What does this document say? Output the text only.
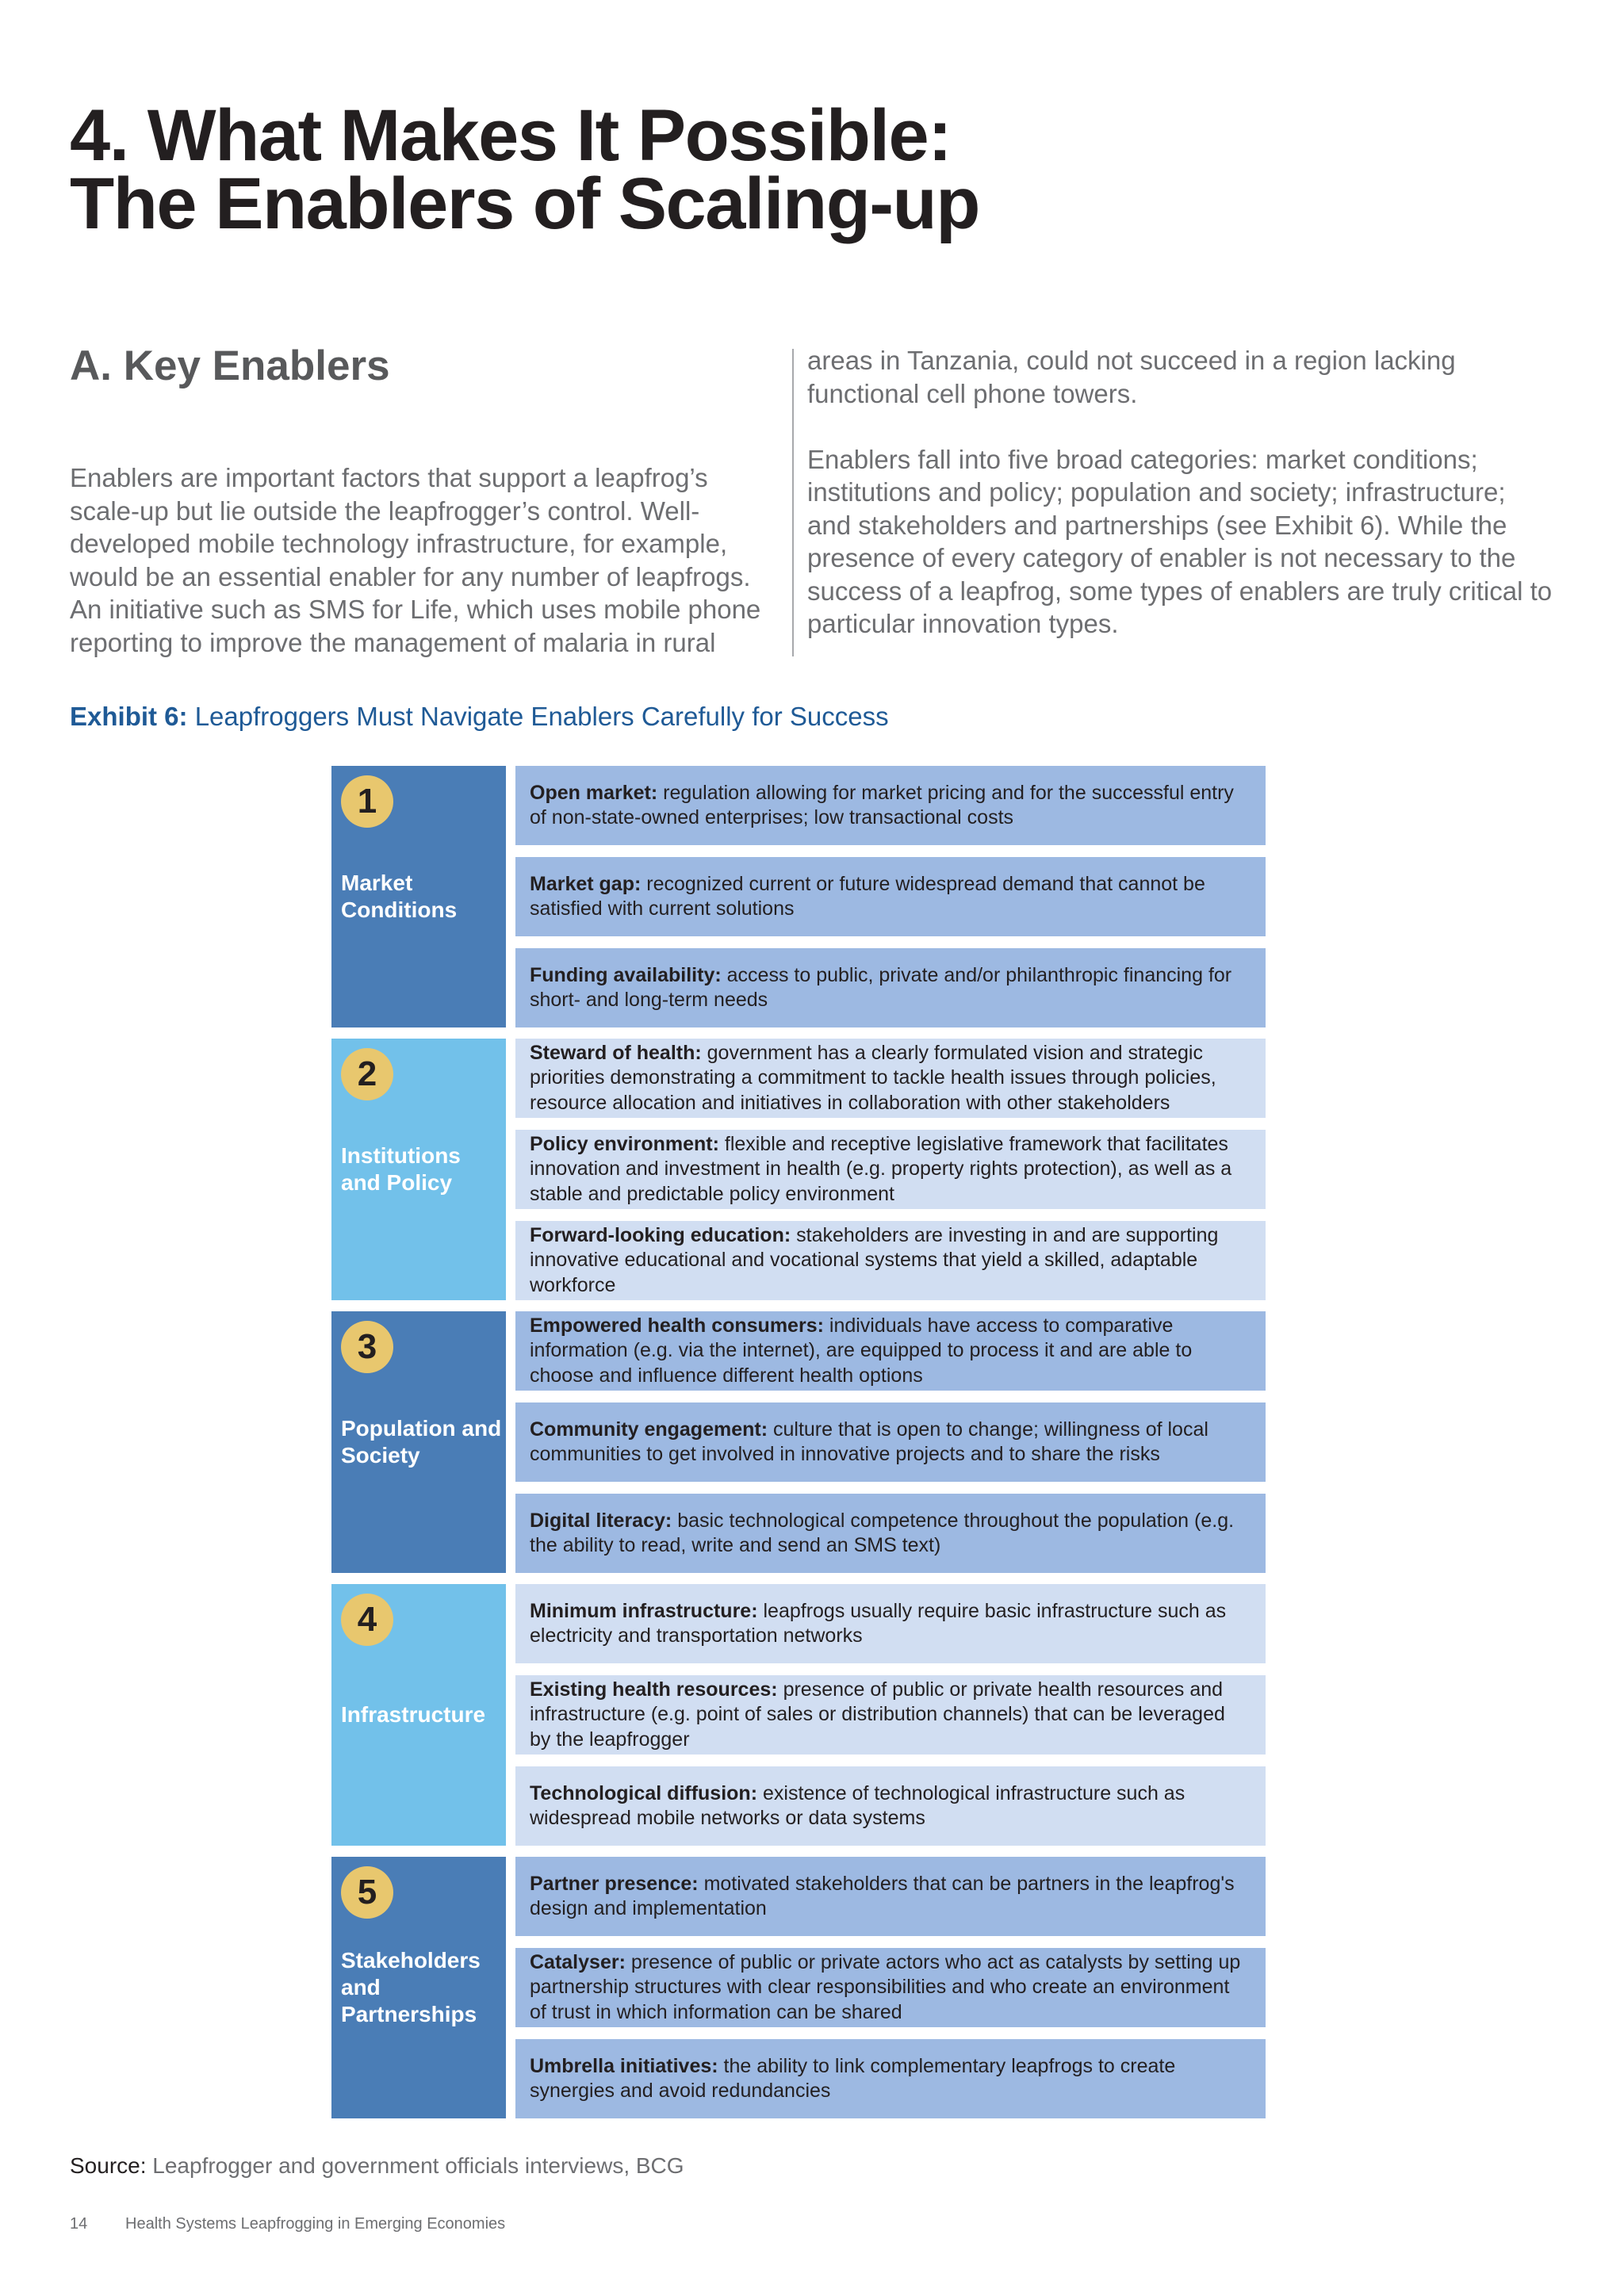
4. What Makes It Possible:
The Enablers of Scaling-up
A. Key Enablers

Enablers are important factors that support a leapfrog’s scale-up but lie outside the leapfrogger’s control. Well-developed mobile technology infrastructure, for example, would be an essential enabler for any number of leapfrogs. An initiative such as SMS for Life, which uses mobile phone reporting to improve the management of malaria in rural

areas in Tanzania, could not succeed in a region lacking functional cell phone towers.

Enablers fall into five broad categories: market conditions; institutions and policy; population and society; infrastructure; and stakeholders and partnerships (see Exhibit 6). While the presence of every category of enabler is not necessary to the success of a leapfrog, some types of enablers are truly critical to particular innovation types.

Exhibit 6: Leapfroggers Must Navigate Enablers Carefully for Success

1
Market Conditions
Open market: regulation allowing for market pricing and for the successful entry of non-state-owned enterprises; low transactional costs
Market gap: recognized current or future widespread demand that cannot be satisfied with current solutions
Funding availability: access to public, private and/or philanthropic financing for short- and long-term needs
2
Institutions and Policy
Steward of health: government has a clearly formulated vision and strategic priorities demonstrating a commitment to tackle health issues through policies, resource allocation and initiatives in collaboration with other stakeholders
Policy environment: flexible and receptive legislative framework that facilitates innovation and investment in health (e.g. property rights protection), as well as a stable and predictable policy environment
Forward-looking education: stakeholders are investing in and are supporting innovative educational and vocational systems that yield a skilled, adaptable workforce
3
Population and Society
Empowered health consumers: individuals have access to comparative information (e.g. via the internet), are equipped to process it and are able to choose and influence different health options
Community engagement: culture that is open to change; willingness of local communities to get involved in innovative projects and to share the risks
Digital literacy: basic technological competence throughout the population (e.g. the ability to read, write and send an SMS text)
4
Infrastructure
Minimum infrastructure: leapfrogs usually require basic infrastructure such as electricity and transportation networks
Existing health resources: presence of public or private health resources and infrastructure (e.g. point of sales or distribution channels) that can be leveraged by the leapfrogger
Technological diffusion: existence of technological infrastructure such as widespread mobile networks or data systems
5
Stakeholders and Partnerships
Partner presence: motivated stakeholders that can be partners in the leapfrog's design and implementation
Catalyser: presence of public or private actors who act as catalysts by setting up partnership structures with clear responsibilities and who create an environment of trust in which information can be shared
Umbrella initiatives: the ability to link complementary leapfrogs to create synergies and avoid redundancies

Source: Leapfrogger and government officials interviews, BCG

14 Health Systems Leapfrogging in Emerging Economies
